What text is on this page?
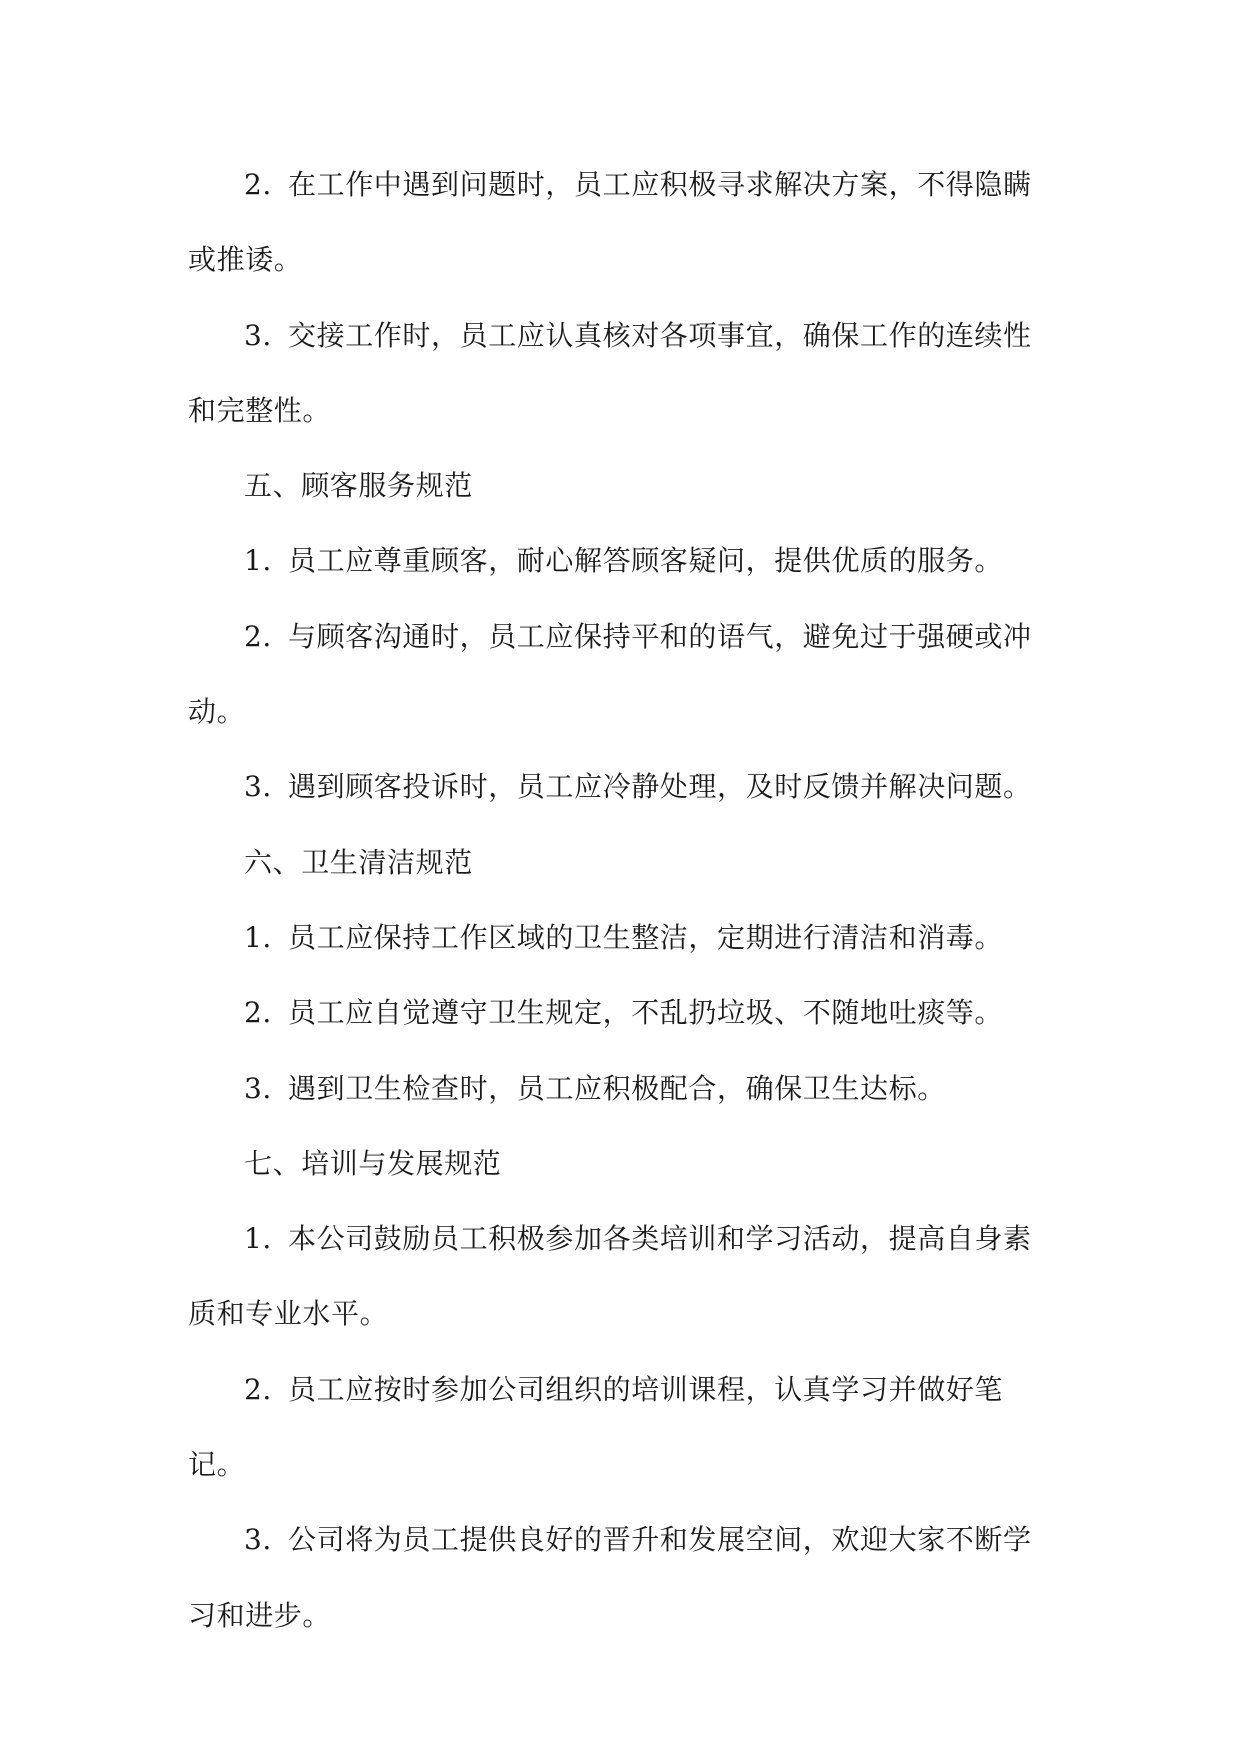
2. 在工作中遇到问题时，员工应积极寻求解决方案，不得隐瞒或推诿。

3. 交接工作时，员工应认真核对各项事宜，确保工作的连续性和完整性。

五、顾客服务规范

1. 员工应尊重顾客，耐心解答顾客疑问，提供优质的服务。

2. 与顾客沟通时，员工应保持平和的语气，避免过于强硬或冲动。

3. 遇到顾客投诉时，员工应冷静处理，及时反馈并解决问题。

六、卫生清洁规范

1. 员工应保持工作区域的卫生整洁，定期进行清洁和消毒。

2. 员工应自觉遵守卫生规定，不乱扔垃圾、不随地吐痰等。

3. 遇到卫生检查时，员工应积极配合，确保卫生达标。

七、培训与发展规范

1. 本公司鼓励员工积极参加各类培训和学习活动，提高自身素质和专业水平。

2. 员工应按时参加公司组织的培训课程，认真学习并做好笔记。

3. 公司将为员工提供良好的晋升和发展空间，欢迎大家不断学习和进步。
